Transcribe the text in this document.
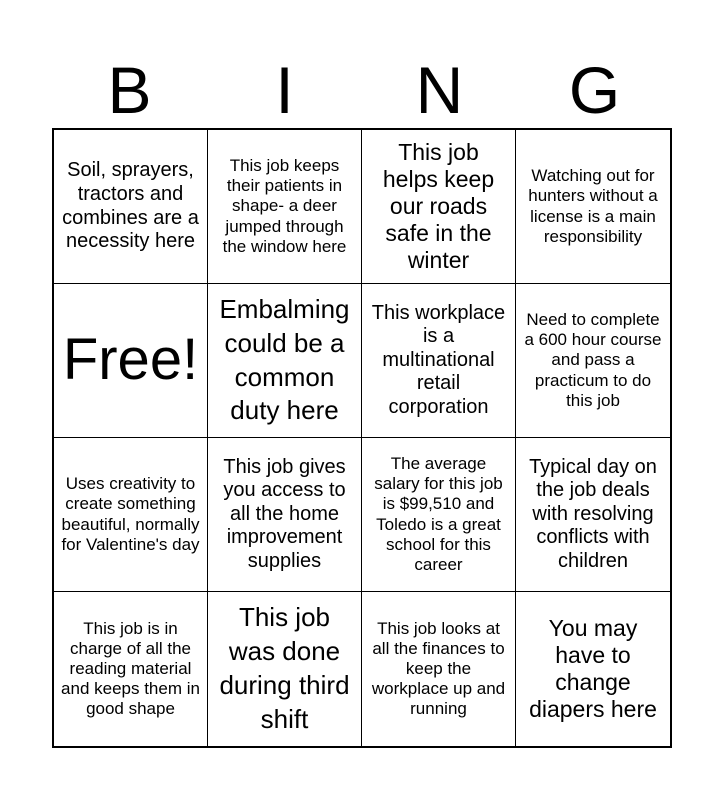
B	I	N	G
Soil, sprayers, tractors and combines are a necessity here
This job keeps their patients in shape- a deer jumped through the window here
This job helps keep our roads safe in the winter
Watching out for hunters without a license is a main responsibility
Free!
Embalming could be a common duty here
This workplace is a multinational retail corporation
Need to complete a 600 hour course and pass a practicum to do this job
Uses creativity to create something beautiful, normally for Valentine's day
This job gives you access to all the home improvement supplies
The average salary for this job is $99,510 and Toledo is a great school for this career
Typical day on the job deals with resolving conflicts with children
This job is in charge of all the reading material and keeps them in good shape
This job was done during third shift
This job looks at all the finances to keep the workplace up and running
You may have to change diapers here
